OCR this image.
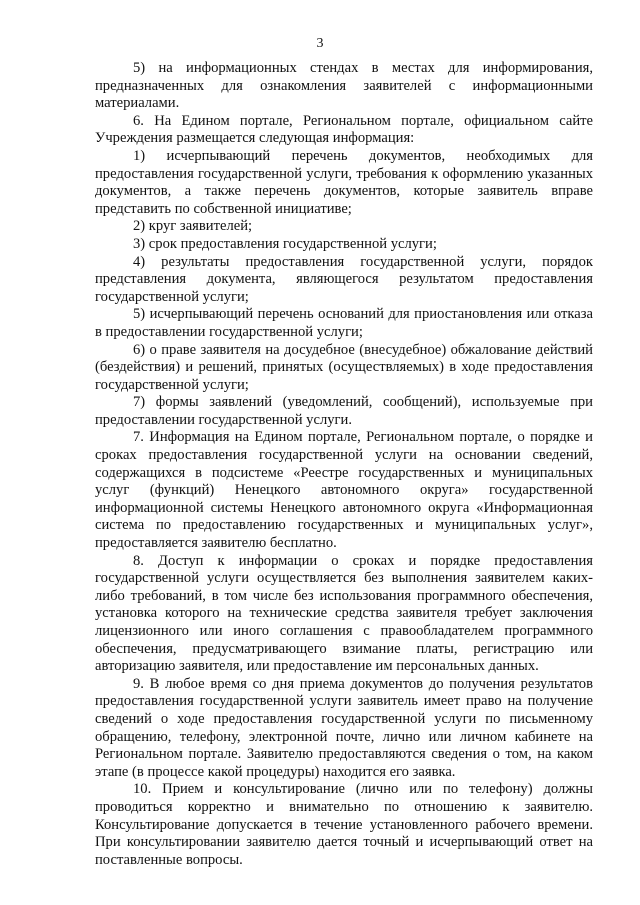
3

5) на информационных стендах в местах для информирования, предназначенных для ознакомления заявителей с информационными материалами.

6. На Едином портале, Региональном портале, официальном сайте Учреждения размещается следующая информация:

1) исчерпывающий перечень документов, необходимых для предоставления государственной услуги, требования к оформлению указанных документов, а также перечень документов, которые заявитель вправе представить по собственной инициативе;

2) круг заявителей;

3) срок предоставления государственной услуги;

4) результаты предоставления государственной услуги, порядок представления документа, являющегося результатом предоставления государственной услуги;

5) исчерпывающий перечень оснований для приостановления или отказа в предоставлении государственной услуги;

6) о праве заявителя на досудебное (внесудебное) обжалование действий (бездействия) и решений, принятых (осуществляемых) в ходе предоставления государственной услуги;

7) формы заявлений (уведомлений, сообщений), используемые при предоставлении государственной услуги.

7. Информация на Едином портале, Региональном портале, о порядке и сроках предоставления государственной услуги на основании сведений, содержащихся в подсистеме «Реестре государственных и муниципальных услуг (функций) Ненецкого автономного округа» государственной информационной системы Ненецкого автономного округа «Информационная система по предоставлению государственных и муниципальных услуг», предоставляется заявителю бесплатно.

8. Доступ к информации о сроках и порядке предоставления государственной услуги осуществляется без выполнения заявителем каких-либо требований, в том числе без использования программного обеспечения, установка которого на технические средства заявителя требует заключения лицензионного или иного соглашения с правообладателем программного обеспечения, предусматривающего взимание платы, регистрацию или авторизацию заявителя, или предоставление им персональных данных.

9. В любое время со дня приема документов до получения результатов предоставления государственной услуги заявитель имеет право на получение сведений о ходе предоставления государственной услуги по письменному обращению, телефону, электронной почте, лично или личном кабинете на Региональном портале. Заявителю предоставляются сведения о том, на каком этапе (в процессе какой процедуры) находится его заявка.

10. Прием и консультирование (лично или по телефону) должны проводиться корректно и внимательно по отношению к заявителю. Консультирование допускается в течение установленного рабочего времени. При консультировании заявителю дается точный и исчерпывающий ответ на поставленные вопросы.
